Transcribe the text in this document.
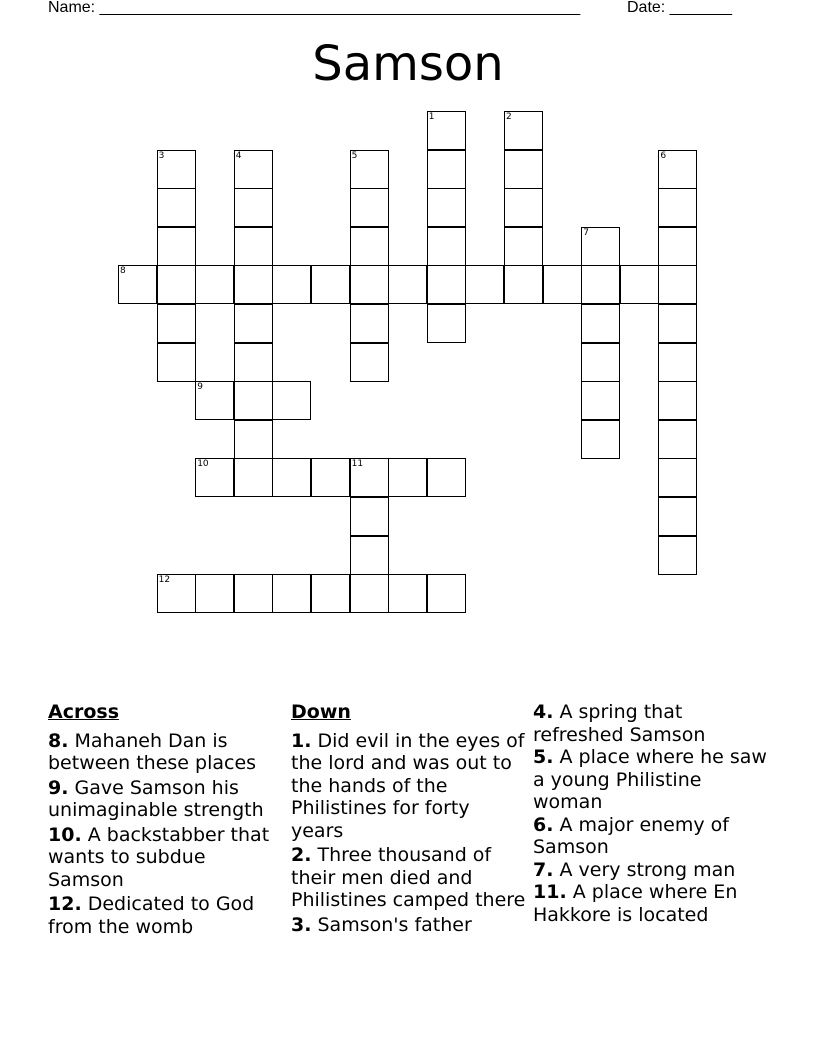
Name: ______________________________________________________	Date: _______
Samson
1	2
3	4	5	6
7
11
8
9
10
12
Across
8. Mahaneh Dan is between these places
9. Gave Samson his unimaginable strength
10. A backstabber that wants to subdue Samson
12. Dedicated to God from the womb
Down
1. Did evil in the eyes of the lord and was out to the hands of the Philistines for forty years
2. Three thousand of their men died and Philistines camped there
3. Samson's father
4. A spring that refreshed Samson
5. A place where he saw a young Philistine woman
6. A major enemy of Samson
7. A very strong man
11. A place where En Hakkore is located
